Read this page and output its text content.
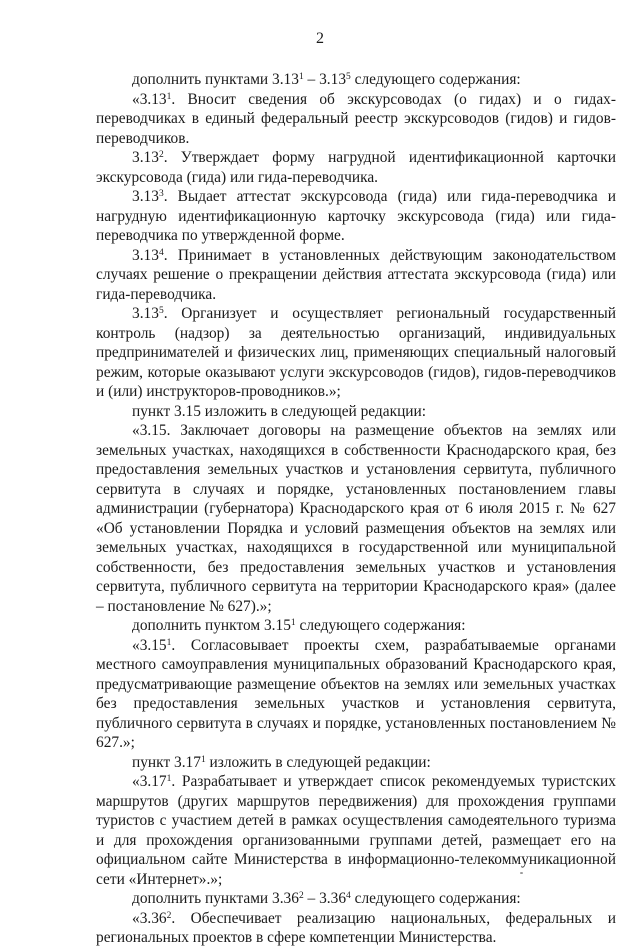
2

дополнить пунктами 3.13$^1$ – 3.13$^5$ следующего содержания:

«3.13$^1$. Вносит сведения об экскурсоводах (о гидах) и о гидах-переводчиках в единый федеральный реестр экскурсоводов (гидов) и гидов-переводчиков.

3.13$^2$. Утверждает форму нагрудной идентификационной карточки экскурсовода (гида) или гида-переводчика.

3.13$^3$. Выдает аттестат экскурсовода (гида) или гида-переводчика и нагрудную идентификационную карточку экскурсовода (гида) или гида-переводчика по утвержденной форме.

3.13$^4$. Принимает в установленных действующим законодательством случаях решение о прекращении действия аттестата экскурсовода (гида) или гида-переводчика.

3.13$^5$. Организует и осуществляет региональный государственный контроль (надзор) за деятельностью организаций, индивидуальных предпринимателей и физических лиц, применяющих специальный налоговый режим, которые оказывают услуги экскурсоводов (гидов), гидов-переводчиков и (или) инструкторов-проводников.»;

пункт 3.15 изложить в следующей редакции:

«3.15. Заключает договоры на размещение объектов на землях или земельных участках, находящихся в собственности Краснодарского края, без предоставления земельных участков и установления сервитута, публичного сервитута в случаях и порядке, установленных постановлением главы администрации (губернатора) Краснодарского края от 6 июля 2015 г. № 627 «Об установлении Порядка и условий размещения объектов на землях или земельных участках, находящихся в государственной или муниципальной собственности, без предоставления земельных участков и установления сервитута, публичного сервитута на территории Краснодарского края» (далее – постановление № 627).»;

дополнить пунктом 3.15$^1$ следующего содержания:

«3.15$^1$. Согласовывает проекты схем, разрабатываемые органами местного самоуправления муниципальных образований Краснодарского края, предусматривающие размещение объектов на землях или земельных участках без предоставления земельных участков и установления сервитута, публичного сервитута в случаях и порядке, установленных постановлением № 627.»;

пункт 3.17$^1$ изложить в следующей редакции:

«3.17$^1$. Разрабатывает и утверждает список рекомендуемых туристских маршрутов (других маршрутов передвижения) для прохождения группами туристов с участием детей в рамках осуществления самодеятельного туризма и для прохождения организованными группами детей, размещает его на официальном сайте Министерства в информационно-телекоммуникационной сети «Интернет».»;

дополнить пунктами 3.36$^2$ – 3.36$^4$ следующего содержания:

«3.36$^2$. Обеспечивает реализацию национальных, федеральных и региональных проектов в сфере компетенции Министерства.
